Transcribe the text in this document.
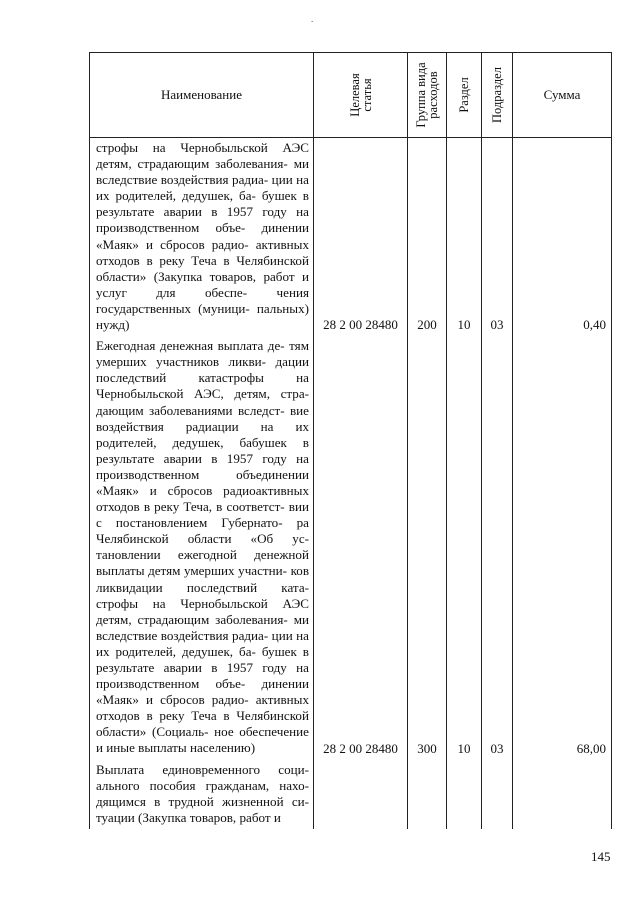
.
Наименование	Целевая статья	Группа вида расходов	Раздел	Подраздел	Сумма
строфы на Чернобыльской АЭС детям, страдающим заболевания- ми вследствие воздействия радиа- ции на их родителей, дедушек, ба- бушек в результате аварии в 1957 году на производственном объе- динении «Маяк» и сбросов радио- активных отходов в реку Теча в Челябинской области» (Закупка товаров, работ и услуг для обеспе- чения государственных (муници- пальных) нужд)	28 2 00 28480	200	10	03	0,40
Ежегодная денежная выплата де- тям умерших участников ликви- дации последствий катастрофы на Чернобыльской АЭС, детям, стра- дающим заболеваниями вследст- вие воздействия радиации на их родителей, дедушек, бабушек в результате аварии в 1957 году на производственном объединении «Маяк» и сбросов радиоактивных отходов в реку Теча, в соответст- вии с постановлением Губернато- ра Челябинской области «Об ус- тановлении ежегодной денежной выплаты детям умерших участни- ков ликвидации последствий ката- строфы на Чернобыльской АЭС детям, страдающим заболевания- ми вследствие воздействия радиа- ции на их родителей, дедушек, ба- бушек в результате аварии в 1957 году на производственном объе- динении «Маяк» и сбросов радио- активных отходов в реку Теча в Челябинской области» (Социаль- ное обеспечение и иные выплаты населению)	28 2 00 28480	300	10	03	68,00
Выплата единовременного соци- ального пособия гражданам, нахо- дящимся в трудной жизненной си- туации (Закупка товаров, работ и					
145
